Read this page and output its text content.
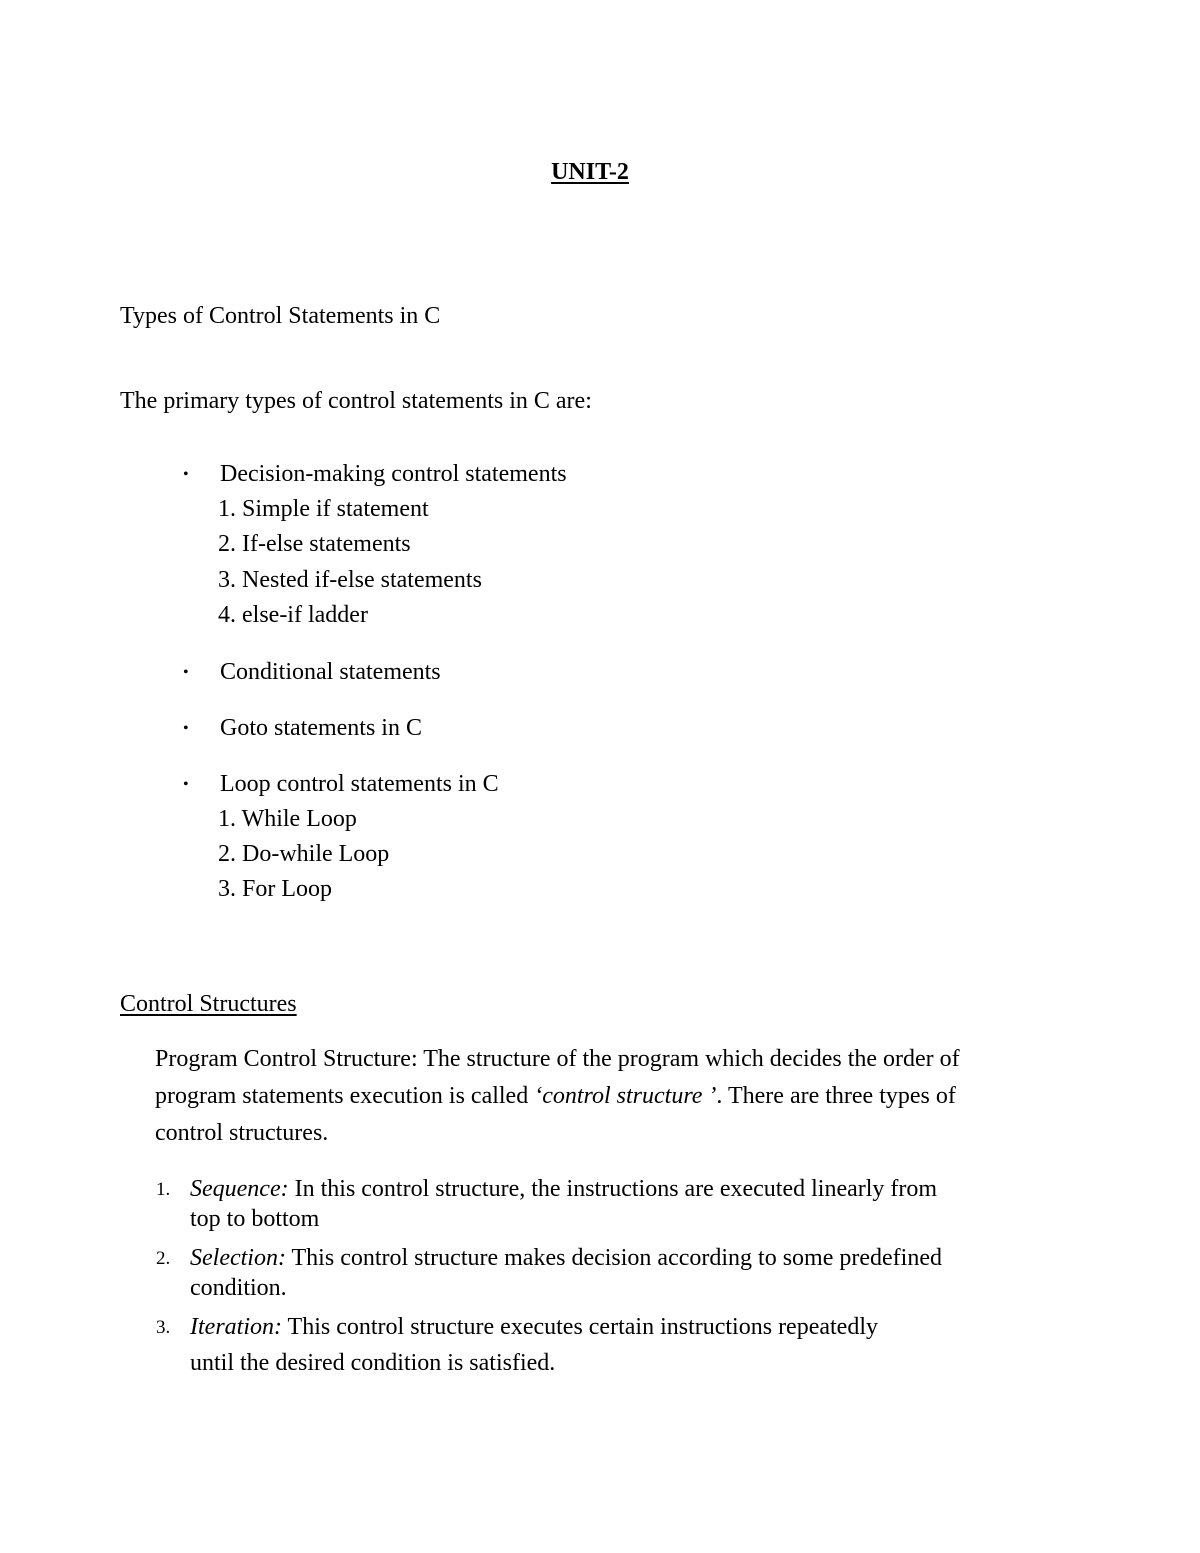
UNIT-2
Types of Control Statements in C
The primary types of control statements in C are:
• Decision-making control statements
1. Simple if statement
2. If-else statements
3. Nested if-else statements
4. else-if ladder
• Conditional statements
• Goto statements in C
• Loop control statements in C
1. While Loop
2. Do-while Loop
3. For Loop
Control Structures
Program Control Structure: The structure of the program which decides the order of
program statements execution is called ‘control structure ’. There are three types of
control structures.
1. Sequence: In this control structure, the instructions are executed linearly from
top to bottom
2. Selection: This control structure makes decision according to some predefined
condition.
3. Iteration: This control structure executes certain instructions repeatedly
until the desired condition is satisfied.
